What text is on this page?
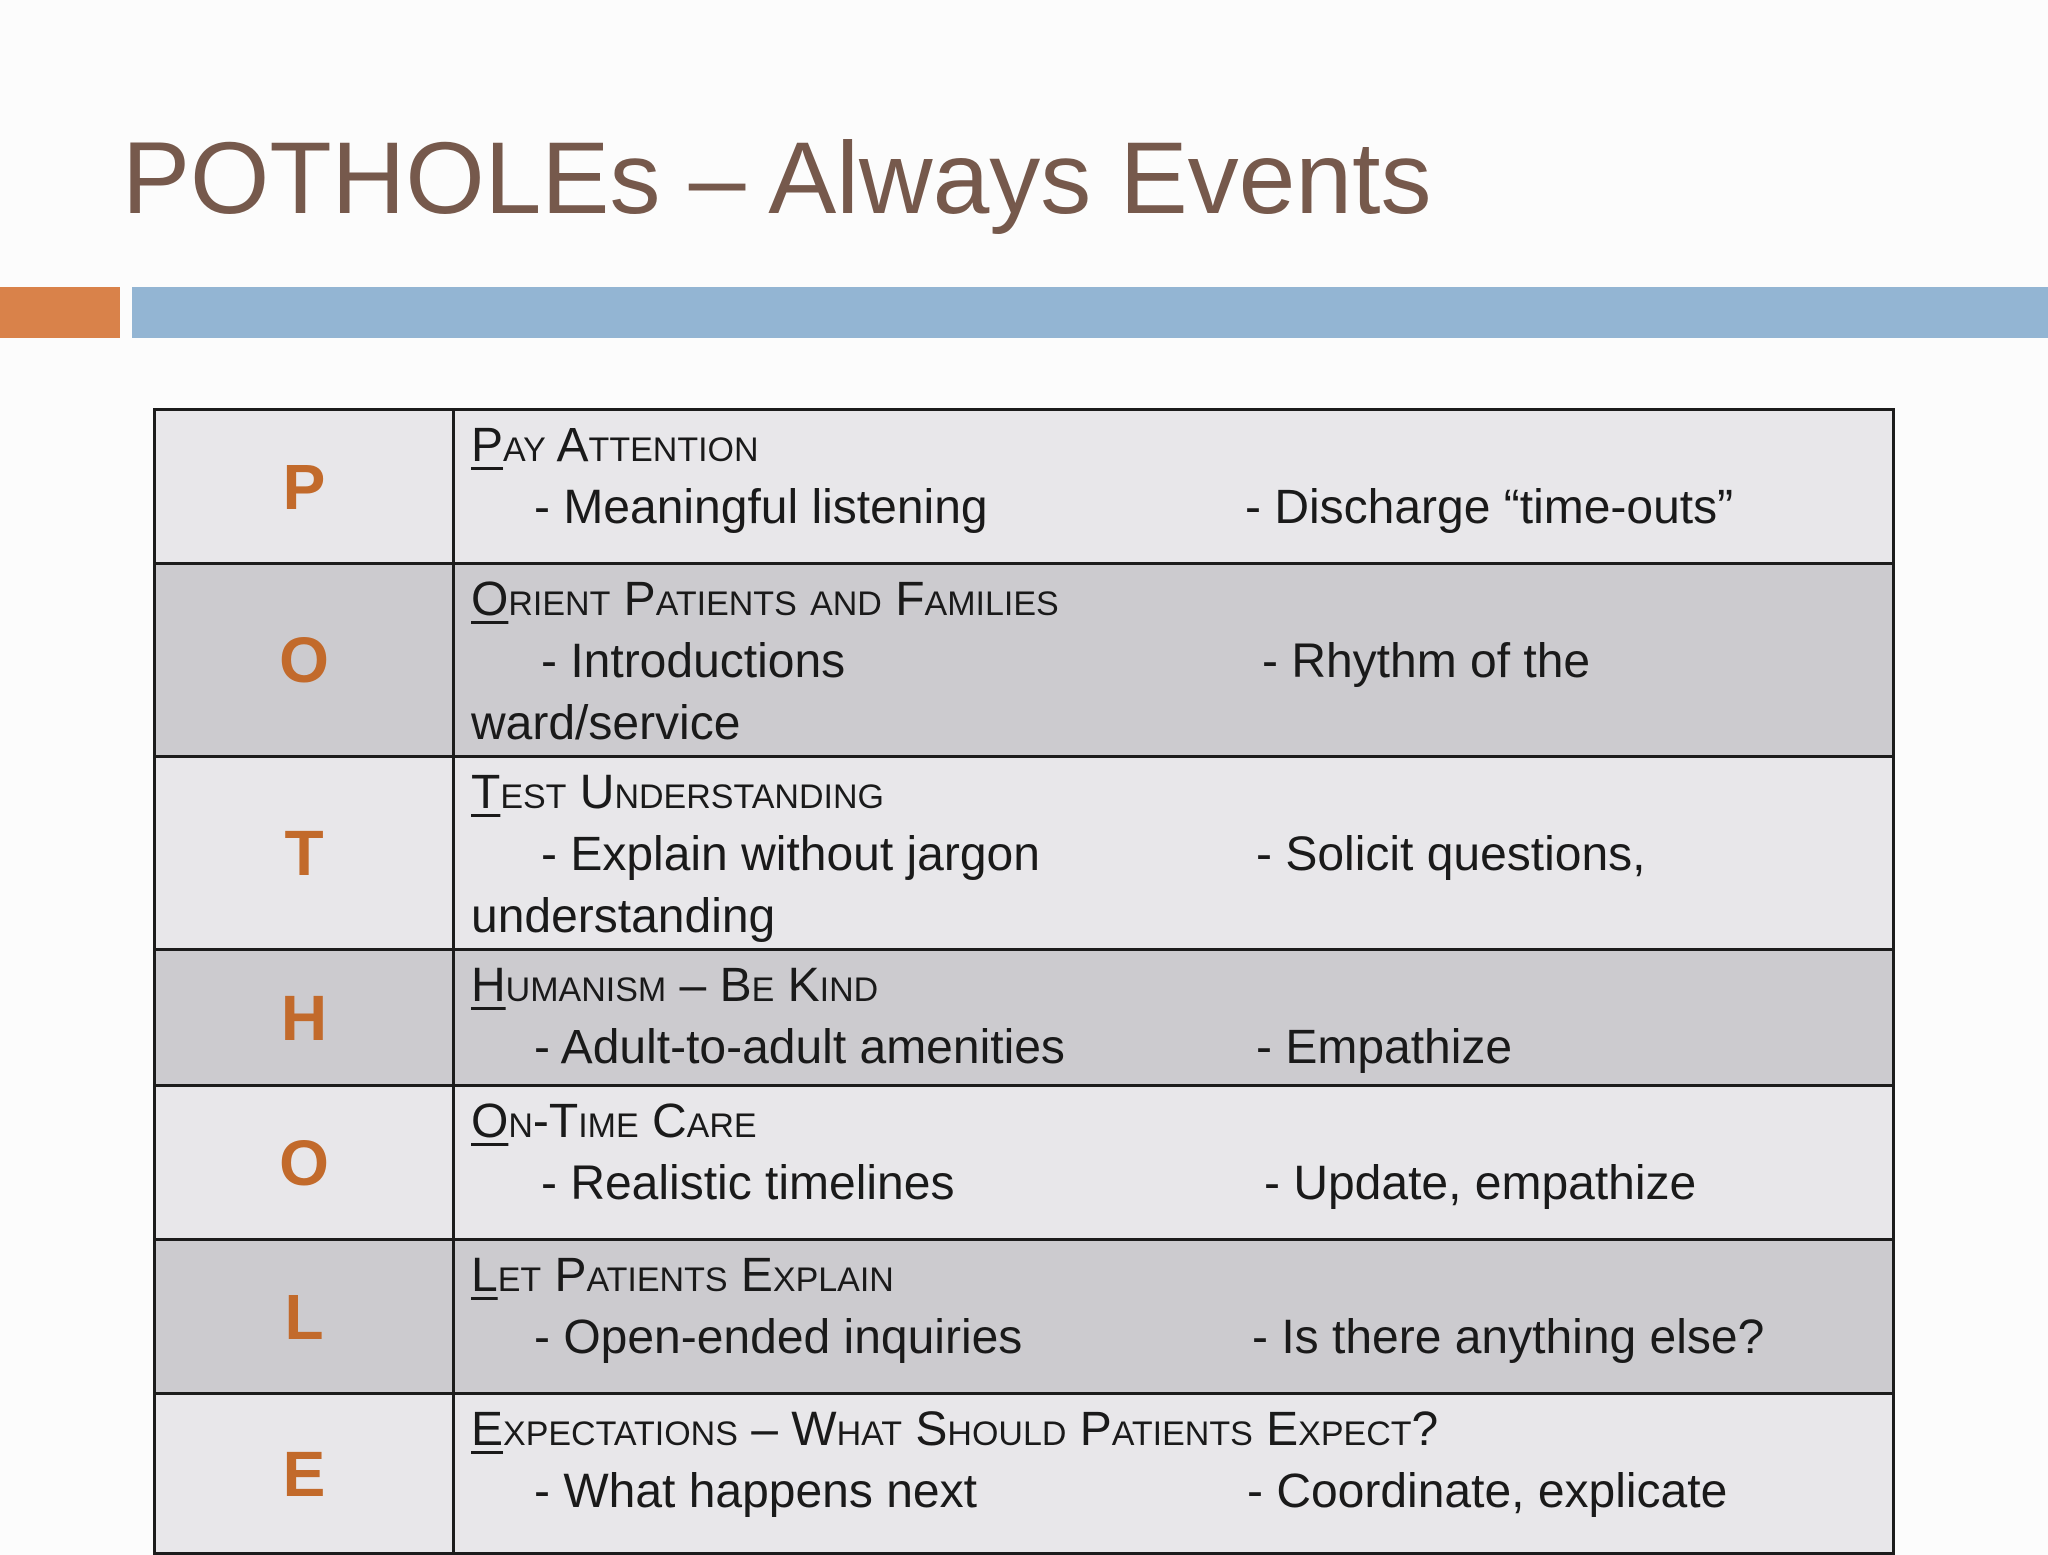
POTHOLEs – Always Events
P	Pay Attention
- Meaningful listening - Discharge “time-outs”

O	Orient Patients and Families
- Introductions - Rhythm of the
ward/service

T	Test Understanding
- Explain without jargon - Solicit questions,
understanding

H	Humanism – Be Kind
- Adult-to-adult amenities - Empathize

O	On-Time Care
- Realistic timelines - Update, empathize

L	Let Patients Explain
- Open-ended inquiries - Is there anything else?

E	Expectations – What Should Patients Expect?
- What happens next - Coordinate, explicate
